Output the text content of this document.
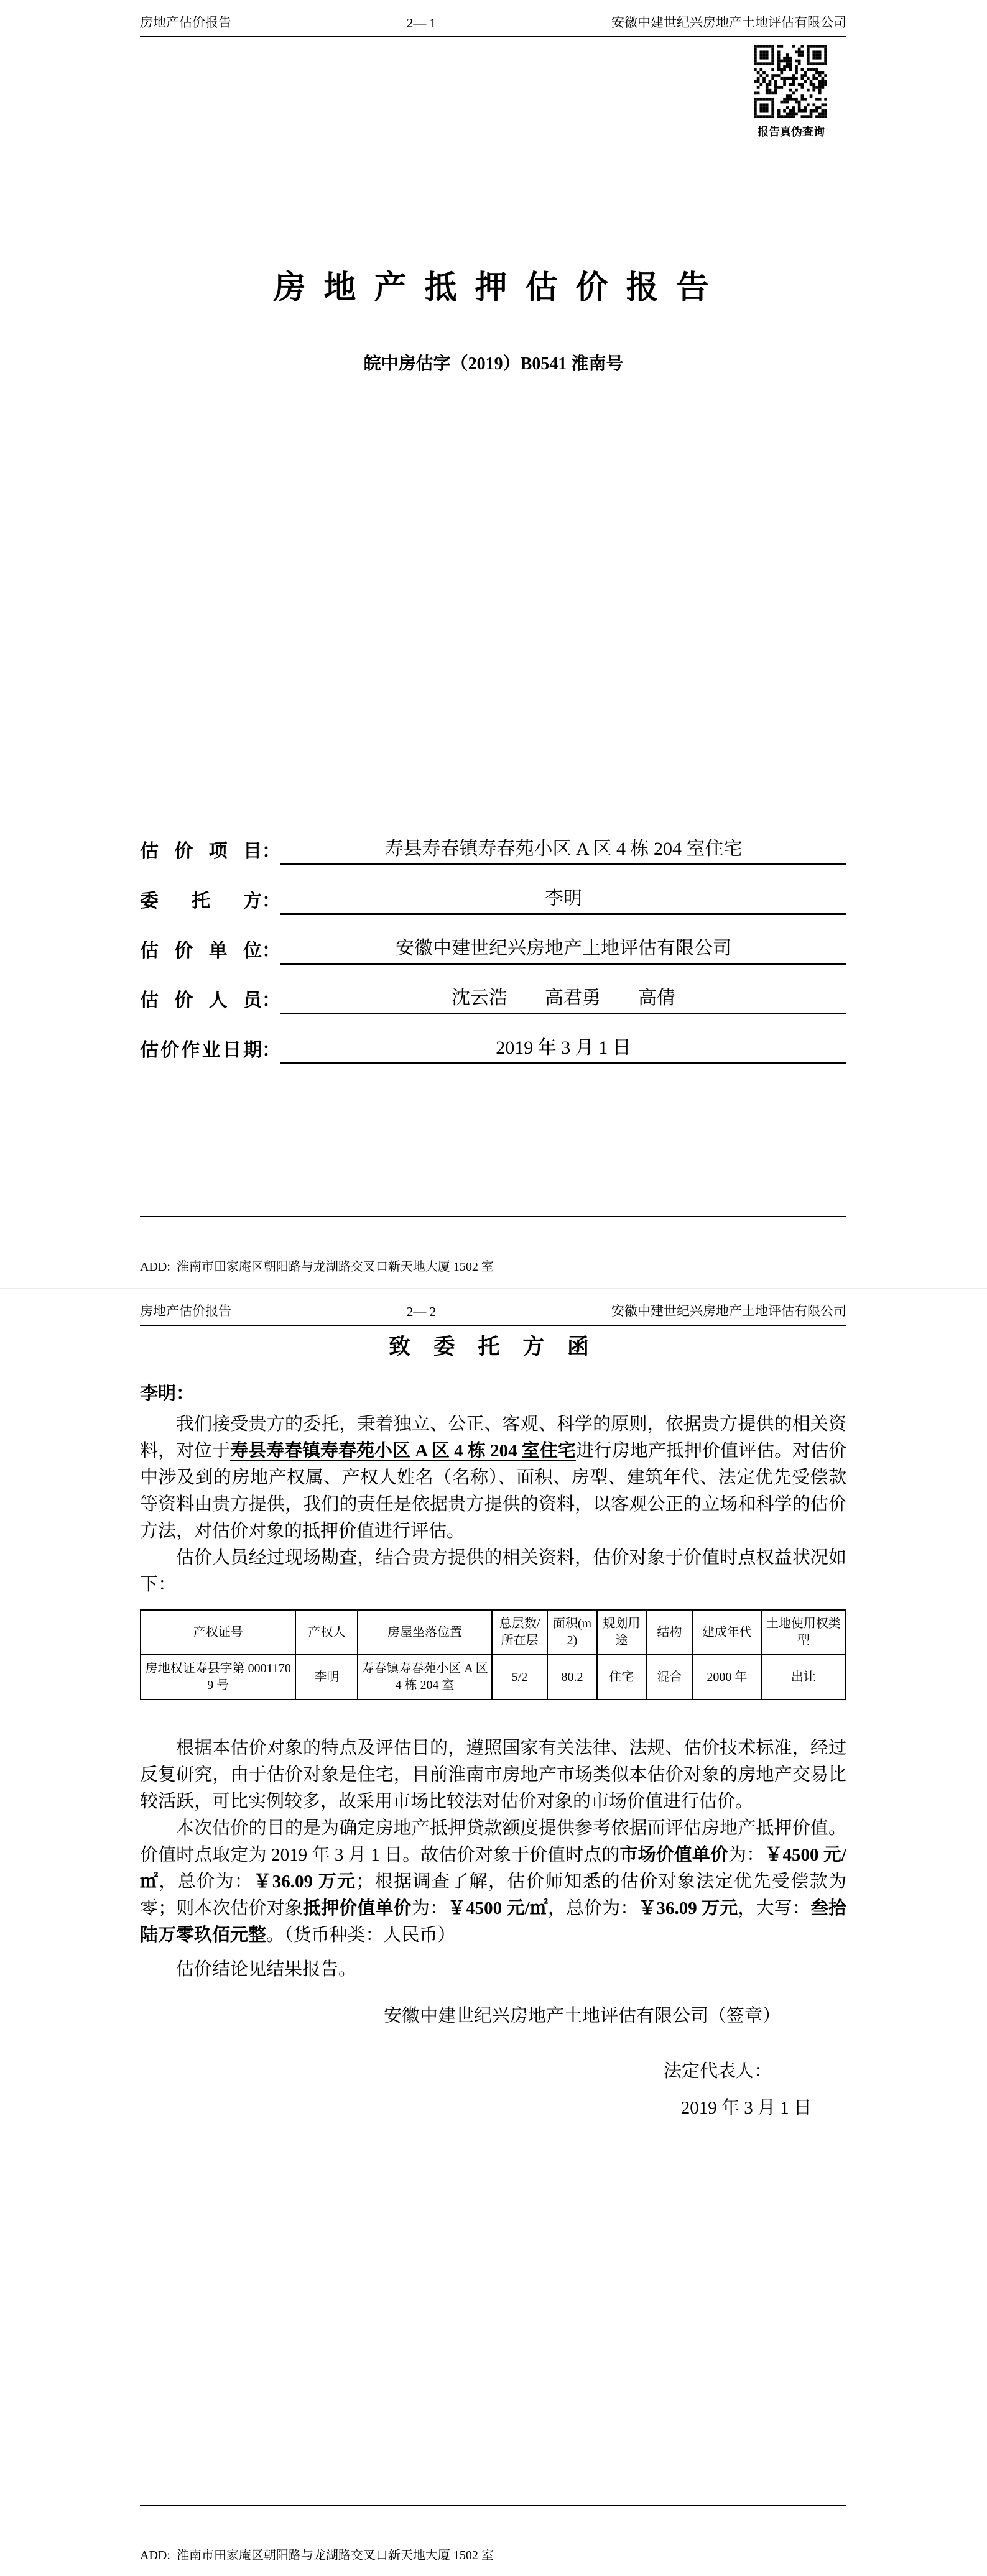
房地产估价报告	2— 1	安徽中建世纪兴房地产土地评估有限公司
报告真伪查询
房 地 产 抵 押 估 价 报 告
皖中房估字（2019）B0541 淮南号
估价项目 ：	寿县寿春镇寿春苑小区 A 区 4 栋 204 室住宅
委托方 ：	李明
估价单位 ：	安徽中建世纪兴房地产土地评估有限公司
估价人员 ：	沈云浩　　高君勇　　高倩
估价作业日期 ：	2019 年 3 月 1 日

ADD:  淮南市田家庵区朝阳路与龙湖路交叉口新天地大厦 1502 室

房地产估价报告	2— 2	安徽中建世纪兴房地产土地评估有限公司
致 委 托 方 函
李明：

我们接受贵方的委托，秉着独立、公正、客观、科学的原则，依据贵方提供的相关资料，对位于寿县寿春镇寿春苑小区 A 区 4 栋 204 室住宅进行房地产抵押价值评估。对估价中涉及到的房地产权属、产权人姓名（名称）、面积、房型、建筑年代、法定优先受偿款等资料由贵方提供，我们的责任是依据贵方提供的资料，以客观公正的立场和科学的估价方法，对估价对象的抵押价值进行评估。

估价人员经过现场勘查，结合贵方提供的相关资料，估价对象于价值时点权益状况如下：

产权证号	产权人	房屋坐落位置	总层数/所在层	面积(m2)	规划用途	结构	建成年代	土地使用权类型
房地权证寿县字第 00011709 号	李明	寿春镇寿春苑小区 A 区 4 栋 204 室	5/2	80.2	住宅	混合	2000 年	出让

根据本估价对象的特点及评估目的，遵照国家有关法律、法规、估价技术标准，经过反复研究，由于估价对象是住宅，目前淮南市房地产市场类似本估价对象的房地产交易比较活跃，可比实例较多，故采用市场比较法对估价对象的市场价值进行估价。

本次估价的目的是为确定房地产抵押贷款额度提供参考依据而评估房地产抵押价值。价值时点取定为 2019 年 3 月 1 日。故估价对象于价值时点的市场价值单价为：￥4500 元/㎡，总价为：￥36.09 万元；根据调查了解，估价师知悉的估价对象法定优先受偿款为零；则本次估价对象抵押价值单价为：￥4500 元/㎡，总价为：￥36.09 万元，大写：叁拾陆万零玖佰元整。（货币种类：人民币）

估价结论见结果报告。

安徽中建世纪兴房地产土地评估有限公司（签章）
法定代表人：
2019 年 3 月 1 日

ADD:  淮南市田家庵区朝阳路与龙湖路交叉口新天地大厦 1502 室
